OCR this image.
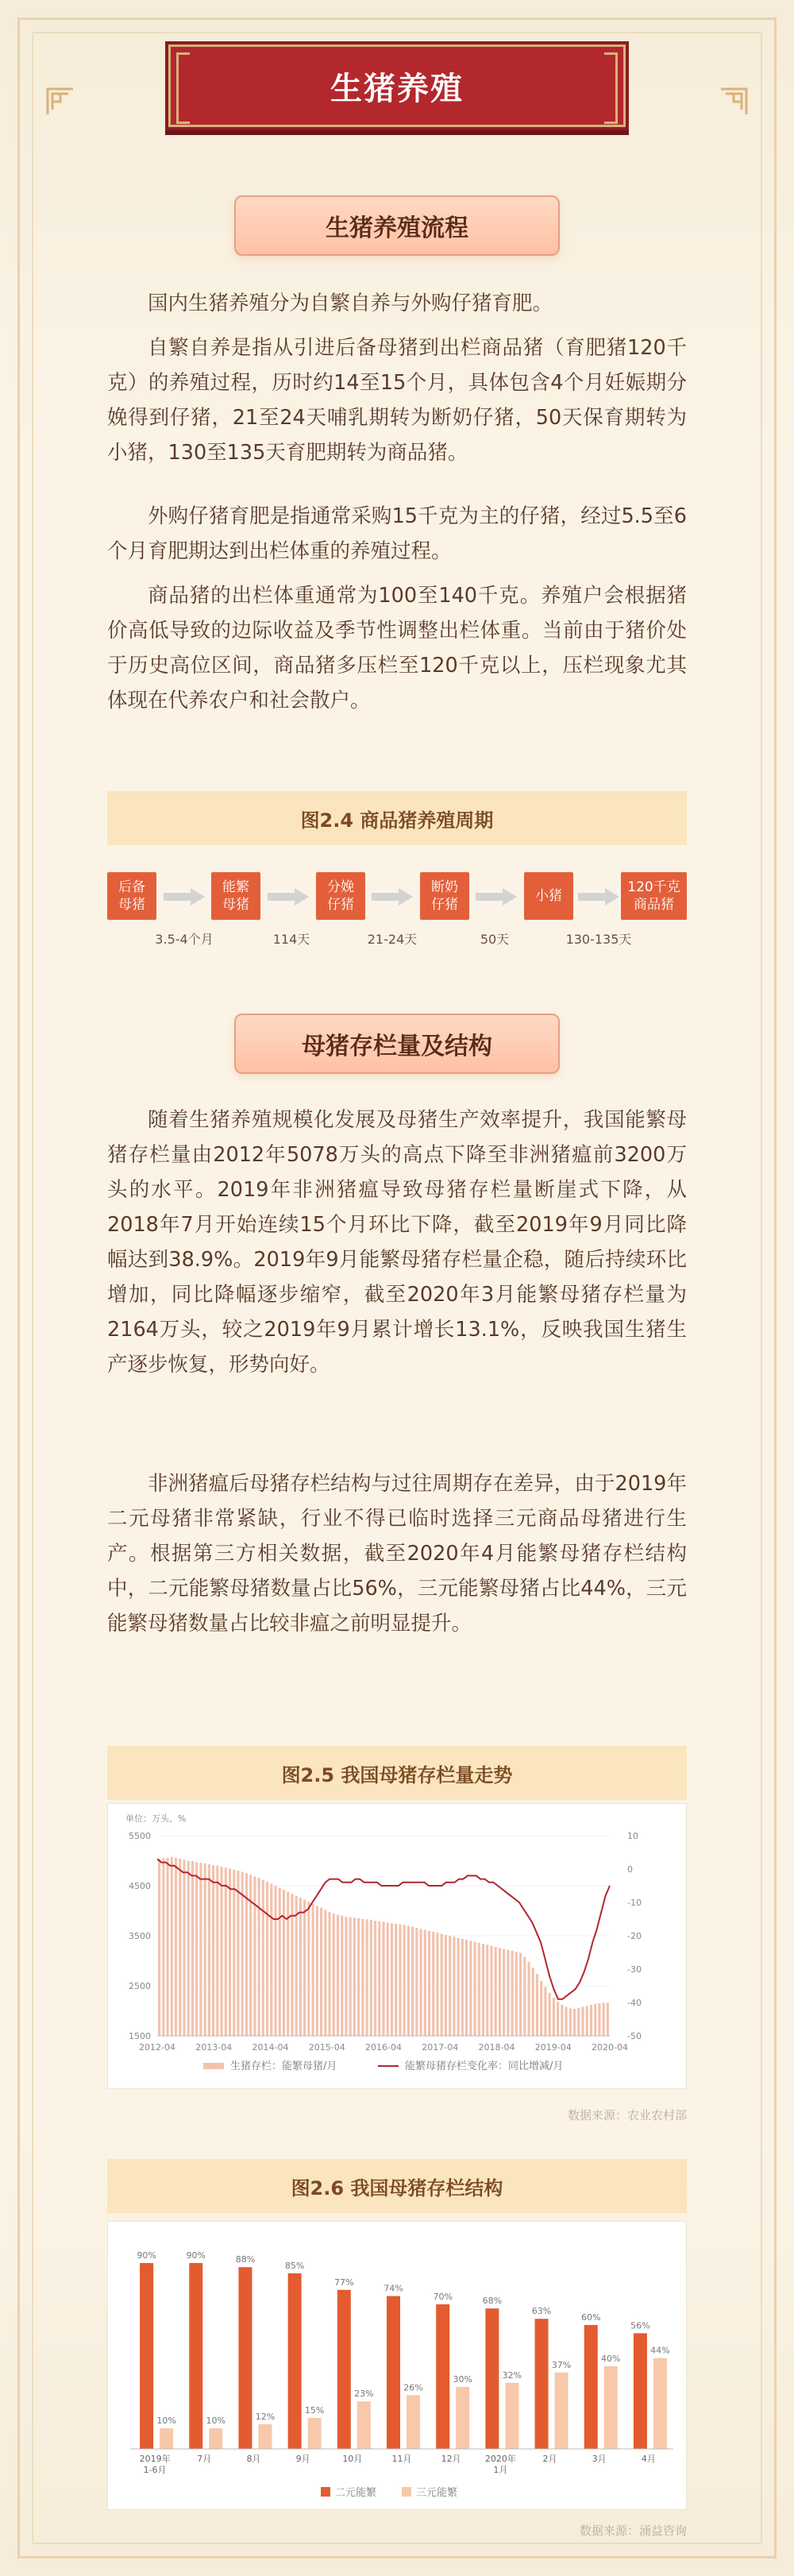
生猪养殖
生猪养殖流程

国内生猪养殖分为自繁自养与外购仔猪育肥。

自繁自养是指从引进后备母猪到出栏商品猪（育肥猪120千克）的养殖过程，历时约14至15个月，具体包含4个月妊娠期分娩得到仔猪，21至24天哺乳期转为断奶仔猪，50天保育期转为小猪，130至135天育肥期转为商品猪。

外购仔猪育肥是指通常采购15千克为主的仔猪，经过5.5至6个月育肥期达到出栏体重的养殖过程。

商品猪的出栏体重通常为100至140千克。养殖户会根据猪价高低导致的边际收益及季节性调整出栏体重。当前由于猪价处于历史高位区间，商品猪多压栏至120千克以上，压栏现象尤其体现在代养农户和社会散户。

图2.4 商品猪养殖周期
后备
母猪
能繁
母猪
分娩
仔猪
断奶
仔猪
小猪
120千克
商品猪
3.5-4个月	114天	21-24天	50天	130-135天
母猪存栏量及结构

随着生猪养殖规模化发展及母猪生产效率提升，我国能繁母猪存栏量由2012年5078万头的高点下降至非洲猪瘟前3200万头的水平。2019年非洲猪瘟导致母猪存栏量断崖式下降，从2018年7月开始连续15个月环比下降，截至2019年9月同比降幅达到38.9%。2019年9月能繁母猪存栏量企稳，随后持续环比增加，同比降幅逐步缩窄，截至2020年3月能繁母猪存栏量为2164万头，较之2019年9月累计增长13.1%，反映我国生猪生产逐步恢复，形势向好。

非洲猪瘟后母猪存栏结构与过往周期存在差异，由于2019年二元母猪非常紧缺，行业不得已临时选择三元商品母猪进行生产。根据第三方相关数据，截至2020年4月能繁母猪存栏结构中，二元能繁母猪数量占比56%，三元能繁母猪占比44%，三元能繁母猪数量占比较非瘟之前明显提升。

图2.5 我国母猪存栏量走势
单位：万头、%
5500
4500
3500
2500
1500
10
0
-10
-20
-30
-40
-50
2012-04 2013-04 2014-04 2015-04 2016-04 2017-04 2018-04 2019-04 2020-04
生猪存栏：能繁母猪/月	能繁母猪存栏变化率：同比增减/月
数据来源：农业农村部
图2.6 我国母猪存栏结构
90%
10%
2019年
1-6月
90%
10%
7月
88%
12%
8月
85%
15%
9月
77%
23%
10月
74%
26%
11月
70%
30%
12月
68%
32%
2020年
1月
63%
37%
2月
60%
40%
3月
56%
44%
4月
二元能繁	三元能繁
数据来源：涌益咨询
